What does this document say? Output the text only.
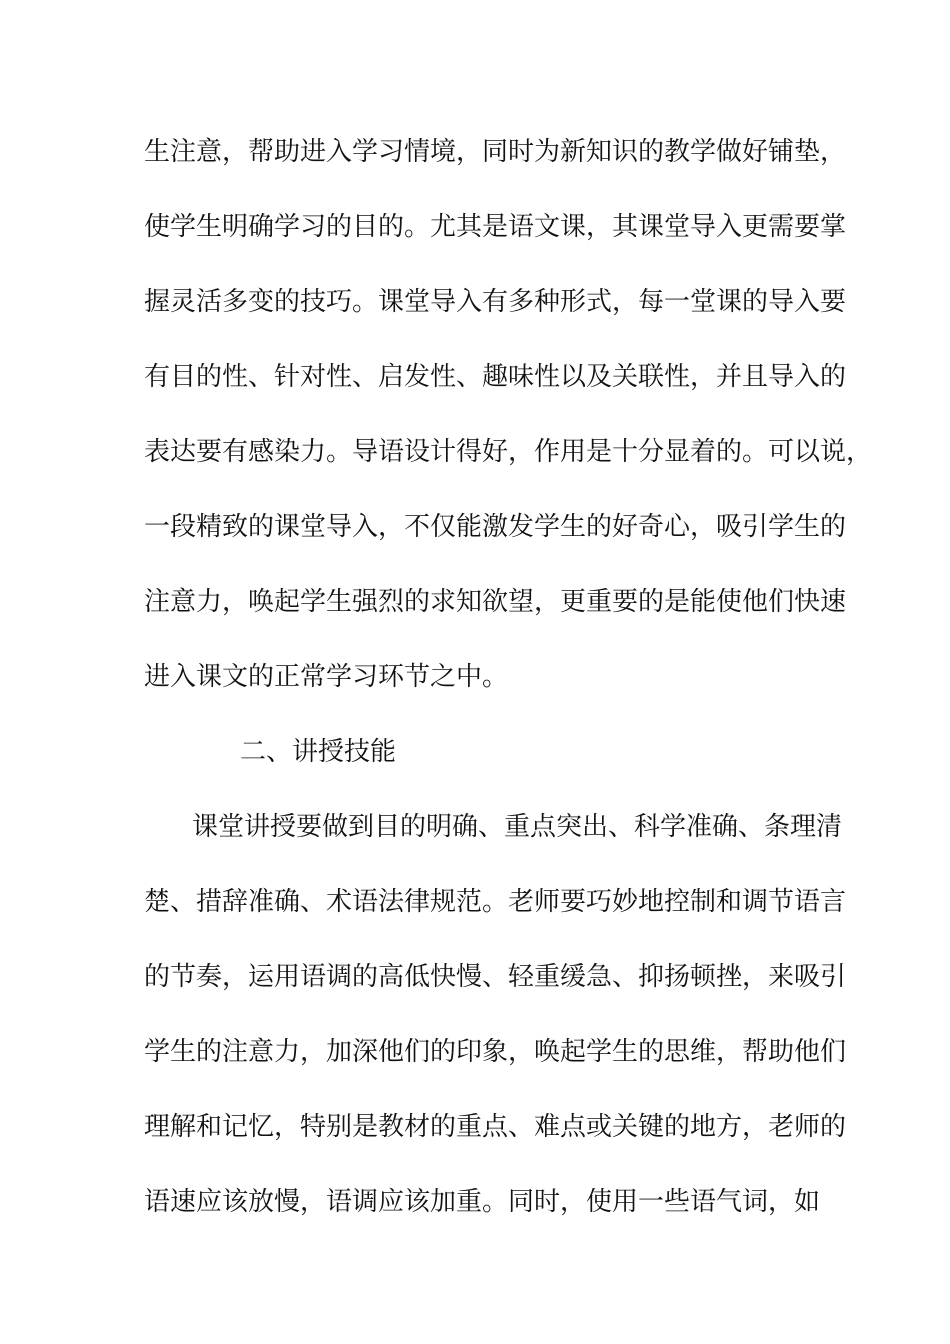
生注意，帮助进入学习情境，同时为新知识的教学做好铺垫，
使学生明确学习的目的。尤其是语文课，其课堂导入更需要掌
握灵活多变的技巧。课堂导入有多种形式，每一堂课的导入要
有目的性、针对性、启发性、趣味性以及关联性，并且导入的
表达要有感染力。导语设计得好，作用是十分显着的。可以说，
一段精致的课堂导入，不仅能激发学生的好奇心，吸引学生的
注意力，唤起学生强烈的求知欲望，更重要的是能使他们快速
进入课文的正常学习环节之中。
二、讲授技能
课堂讲授要做到目的明确、重点突出、科学准确、条理清
楚、措辞准确、术语法律规范。老师要巧妙地控制和调节语言
的节奏，运用语调的高低快慢、轻重缓急、抑扬顿挫，来吸引
学生的注意力，加深他们的印象，唤起学生的思维，帮助他们
理解和记忆，特别是教材的重点、难点或关键的地方，老师的
语速应该放慢，语调应该加重。同时，使用一些语气词，如
